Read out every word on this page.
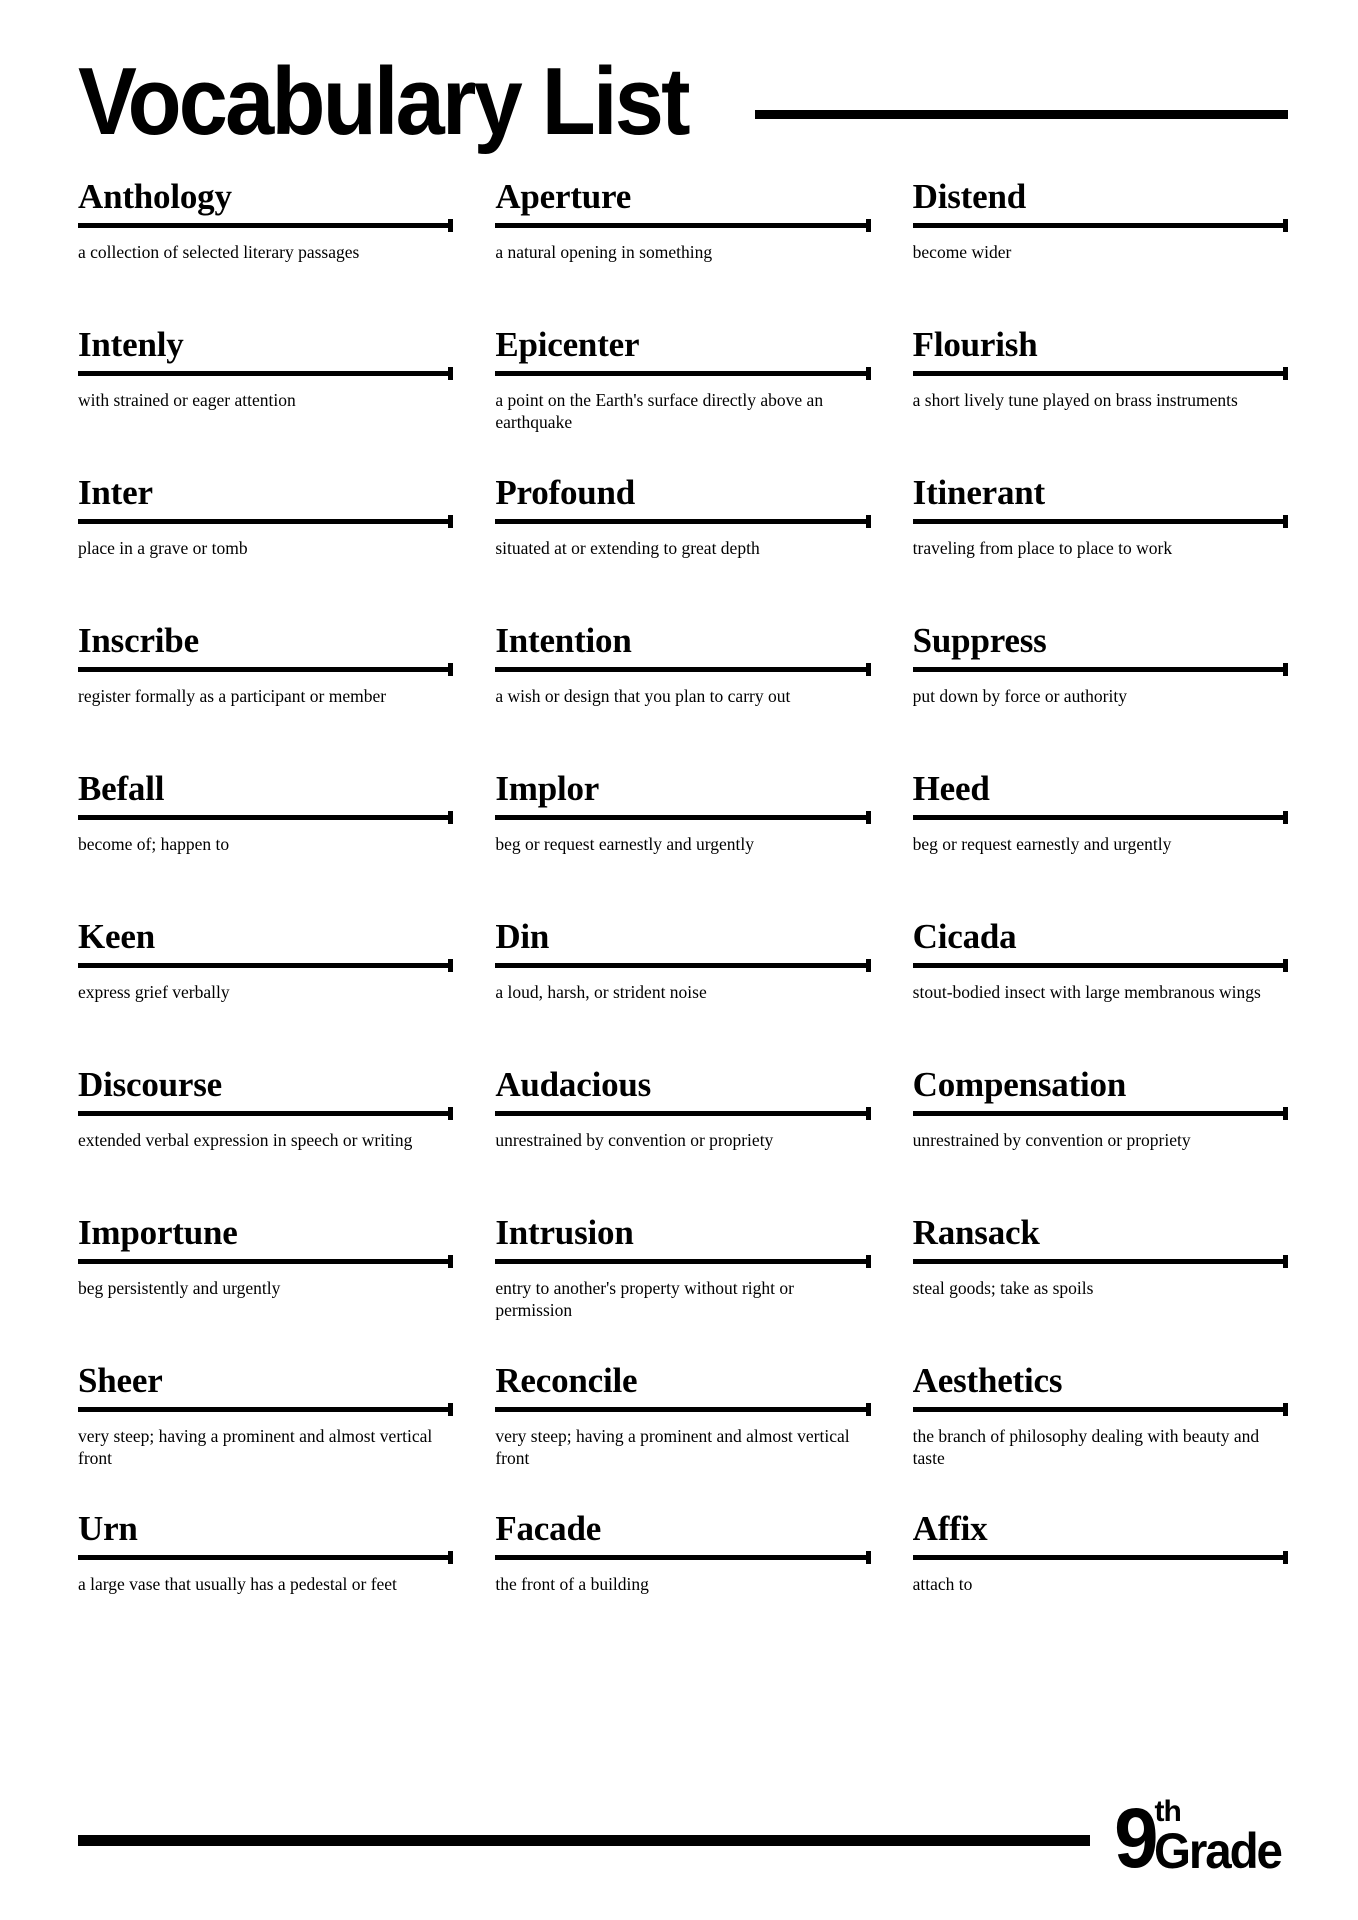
Vocabulary List
Anthology
a collection of selected literary passages
Aperture
a natural opening in something
Distend
become wider
Intenly
with strained or eager attention
Epicenter
a point on the Earth's surface directly above an earthquake
Flourish
a short lively tune played on brass instruments
Inter
place in a grave or tomb
Profound
situated at or extending to great depth
Itinerant
traveling from place to place to work
Inscribe
register formally as a participant or member
Intention
a wish or design that you plan to carry out
Suppress
put down by force or authority
Befall
become of; happen to
Implor
beg or request earnestly and urgently
Heed
beg or request earnestly and urgently
Keen
express grief verbally
Din
a loud, harsh, or strident noise
Cicada
stout-bodied insect with large membranous wings
Discourse
extended verbal expression in speech or writing
Audacious
unrestrained by convention or propriety
Compensation
unrestrained by convention or propriety
Importune
beg persistently and urgently
Intrusion
entry to another's property without right or permission
Ransack
steal goods; take as spoils
Sheer
very steep; having a prominent and almost vertical front
Reconcile
very steep; having a prominent and almost vertical front
Aesthetics
the branch of philosophy dealing with beauty and taste
Urn
a large vase that usually has a pedestal or feet
Facade
the front of a building
Affix
attach to
9 th
Grade
